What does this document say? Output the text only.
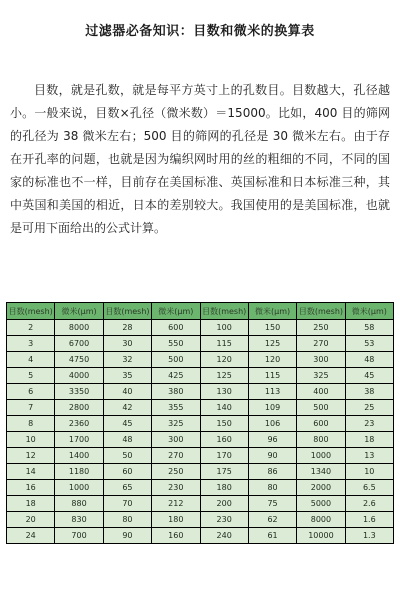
过滤器必备知识：目数和微米的换算表

目数，就是孔数，就是每平方英寸上的孔数目。目数越大，孔径越小。一般来说，目数×孔径（微米数）＝15000。比如，400 目的筛网的孔径为 38 微米左右；500 目的筛网的孔径是 30 微米左右。由于存在开孔率的问题，也就是因为编织网时用的丝的粗细的不同，不同的国家的标准也不一样，目前存在美国标准、英国标准和日本标准三种，其中英国和美国的相近，日本的差别较大。我国使用的是美国标准，也就是可用下面给出的公式计算。

目数(mesh)	微米(μm)	目数(mesh)	微米(μm)	目数(mesh)	微米(μm)	目数(mesh)	微米(μm)
2	8000	28	600	100	150	250	58
3	6700	30	550	115	125	270	53
4	4750	32	500	120	120	300	48
5	4000	35	425	125	115	325	45
6	3350	40	380	130	113	400	38
7	2800	42	355	140	109	500	25
8	2360	45	325	150	106	600	23
10	1700	48	300	160	96	800	18
12	1400	50	270	170	90	1000	13
14	1180	60	250	175	86	1340	10
16	1000	65	230	180	80	2000	6.5
18	880	70	212	200	75	5000	2.6
20	830	80	180	230	62	8000	1.6
24	700	90	160	240	61	10000	1.3
